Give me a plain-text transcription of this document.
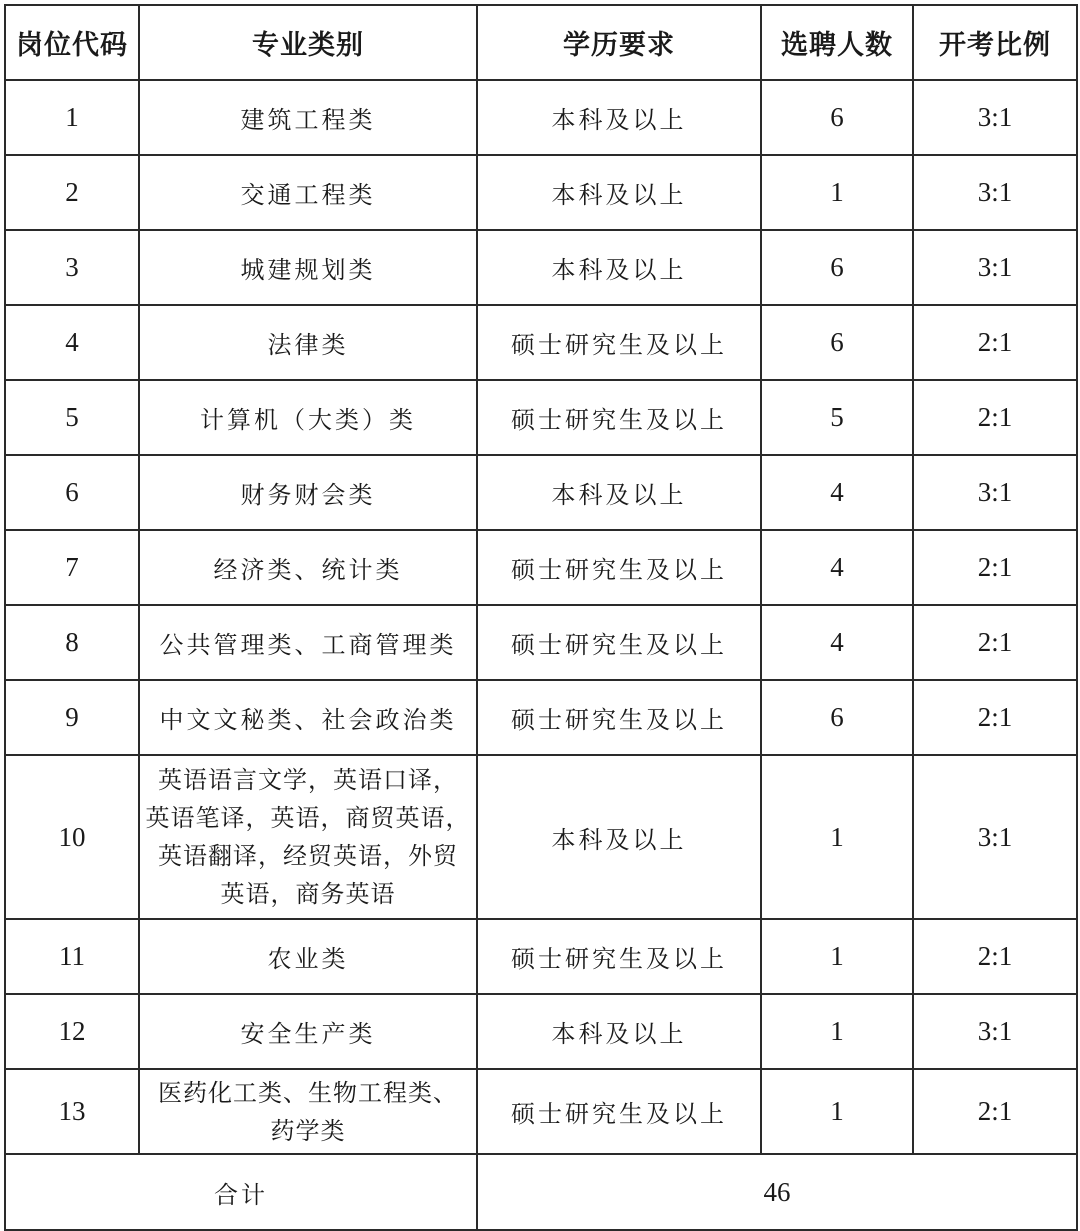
岗位代码	专业类别	学历要求	选聘人数	开考比例
1	建筑工程类	本科及以上	6	3:1
2	交通工程类	本科及以上	1	3:1
3	城建规划类	本科及以上	6	3:1
4	法律类	硕士研究生及以上	6	2:1
5	计算机（大类）类	硕士研究生及以上	5	2:1
6	财务财会类	本科及以上	4	3:1
7	经济类、统计类	硕士研究生及以上	4	2:1
8	公共管理类、工商管理类	硕士研究生及以上	4	2:1
9	中文文秘类、社会政治类	硕士研究生及以上	6	2:1
10	英语语言文学，英语口译，
英语笔译，英语，商贸英语，
英语翻译，经贸英语，外贸
英语，商务英语	本科及以上	1	3:1
11	农业类	硕士研究生及以上	1	2:1
12	安全生产类	本科及以上	1	3:1
13	医药化工类、生物工程类、
药学类	硕士研究生及以上	1	2:1
合计		46		
